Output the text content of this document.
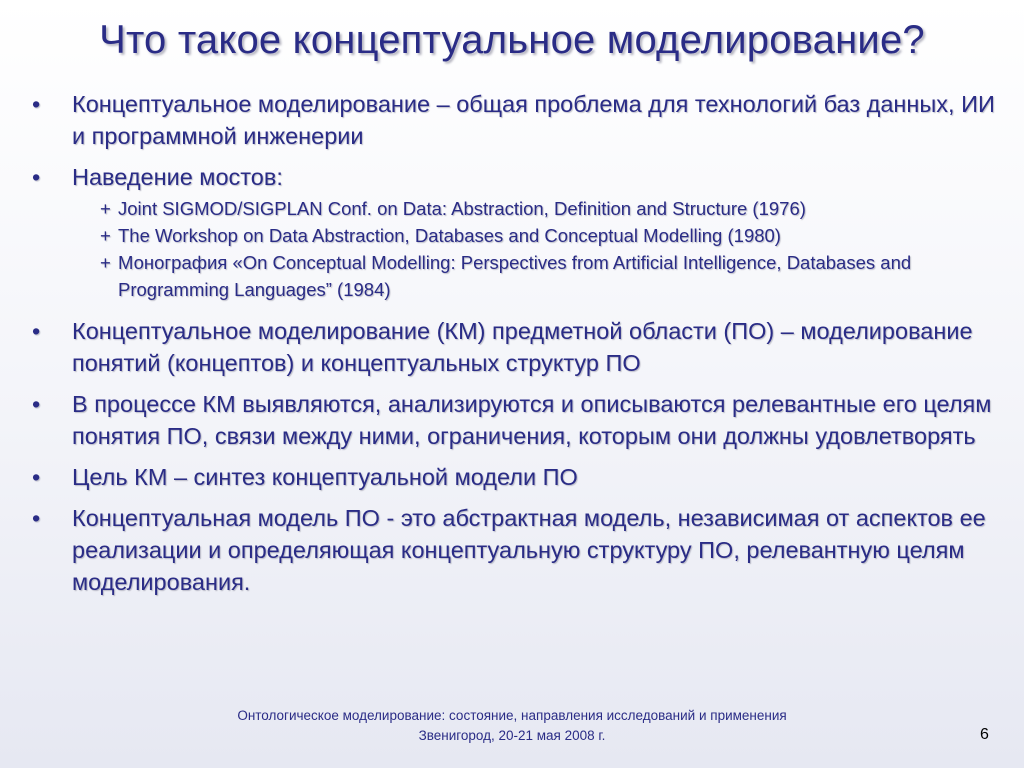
Что такое концептуальное моделирование?
• Концептуальное моделирование – общая проблема для технологий баз данных, ИИ и программной инженерии
• Наведение мостов:
+ Joint SIGMOD/SIGPLAN Conf. on Data: Abstraction, Definition and Structure (1976)
+ The Workshop on Data Abstraction, Databases and Conceptual Modelling (1980)
+ Монография «On Conceptual Modelling: Perspectives from Artificial Intelligence, Databases and Programming Languages” (1984)
• Концептуальное моделирование (КМ) предметной области (ПО) – моделирование понятий (концептов) и концептуальных структур ПО
• В процессе КМ выявляются, анализируются и описываются релевантные его целям понятия ПО, связи между ними, ограничения, которым они должны удовлетворять
• Цель КМ – синтез концептуальной модели ПО
• Концептуальная модель ПО - это абстрактная модель, независимая от аспектов ее реализации и определяющая концептуальную структуру ПО, релевантную целям моделирования.
Онтологическое моделирование: состояние, направления исследований и применения
Звенигород, 20-21 мая 2008 г.	6
